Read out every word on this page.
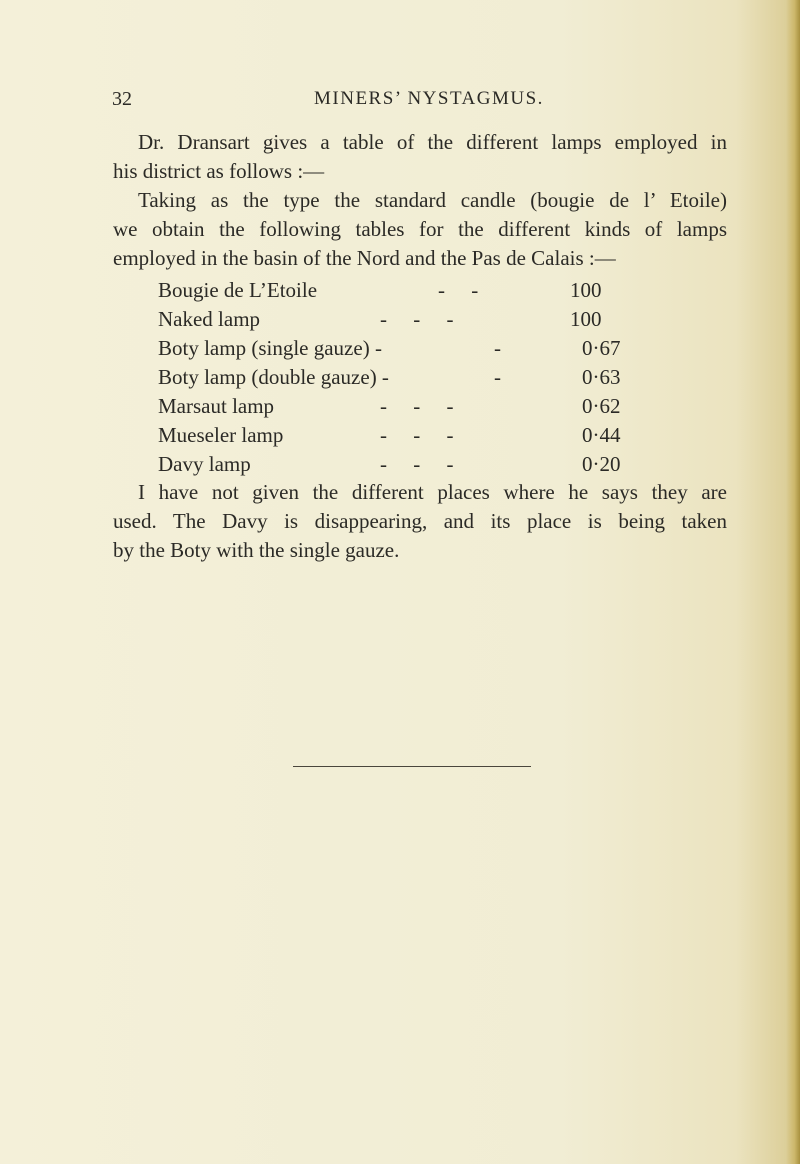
32	MINERS’ NYSTAGMUS.

Dr. Dransart gives a table of the different lamps employed in
his district as follows :—

Taking as the type the standard candle (bougie de l’ Etoile)
we obtain the following tables for the different kinds of lamps
employed in the basin of the Nord and the Pas de Calais :—

Bougie de L’Etoile	-     -	100
Naked lamp	-     -     -	100
Boty lamp (single gauze) -	-	0·67
Boty lamp (double gauze) -	-	0·63
Marsaut lamp	-     -     -	0·62
Mueseler lamp	-     -     -	0·44
Davy lamp	-     -     -	0·20

I have not given the different places where he says they are
used. The Davy is disappearing, and its place is being taken
by the Boty with the single gauze.
